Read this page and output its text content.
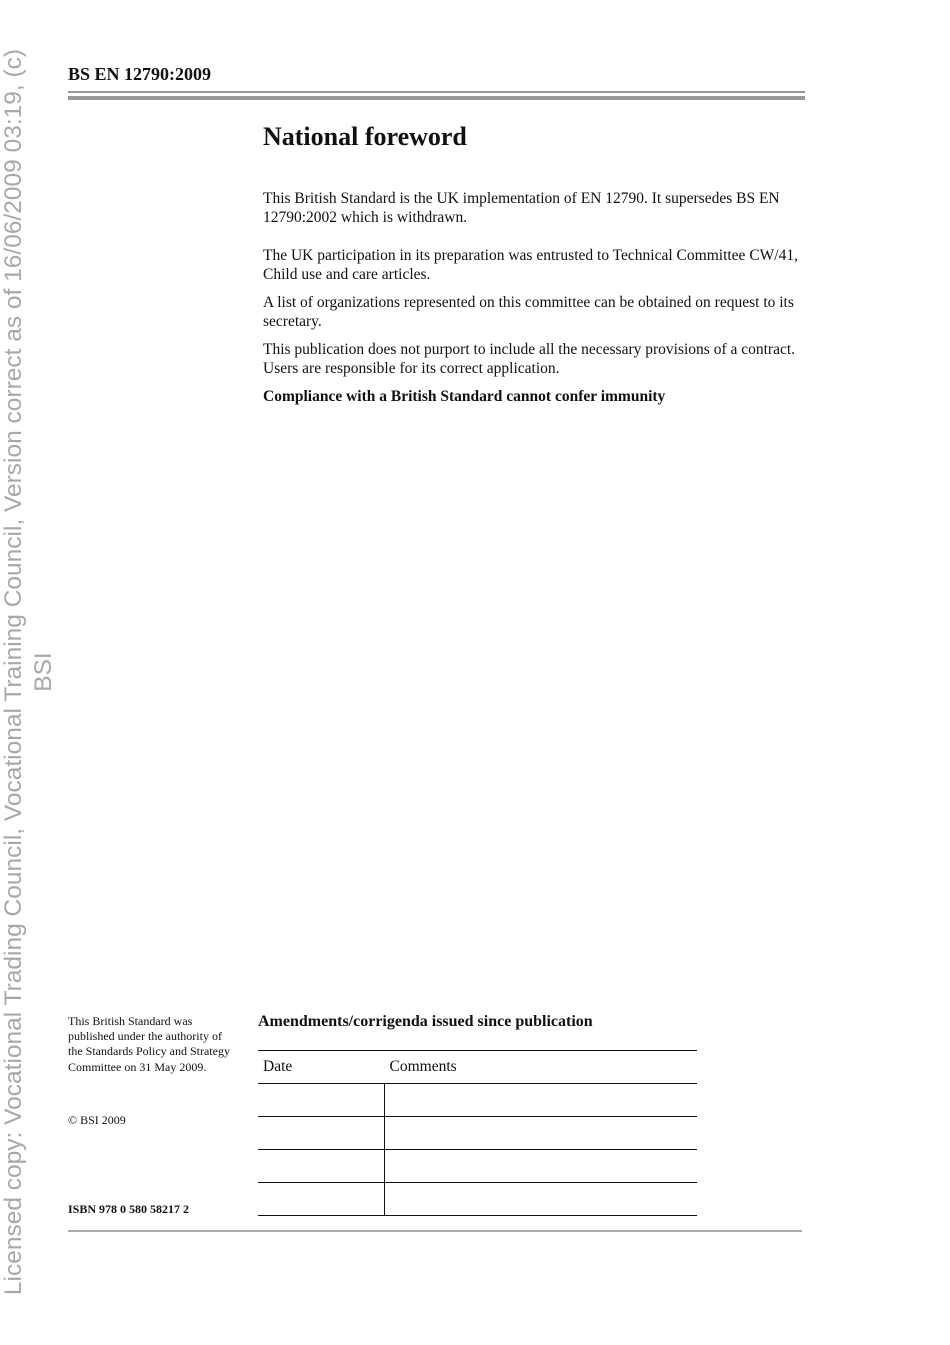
Licensed copy: Vocational Trading Council, Vocational Training Council, Version correct as of 16/06/2009 03:19, (c) BSI
BS EN 12790:2009
National foreword

This British Standard is the UK implementation of EN 12790. It supersedes BS EN 12790:2002 which is withdrawn.

The UK participation in its preparation was entrusted to Technical Committee CW/41, Child use and care articles.

A list of organizations represented on this committee can be obtained on request to its secretary.

This publication does not purport to include all the necessary provisions of a contract. Users are responsible for its correct application.

Compliance with a British Standard cannot confer immunity

This British Standard was published under the authority of the Standards Policy and Strategy Committee on 31 May 2009.
© BSI 2009
ISBN 978 0 580 58217 2
Amendments/corrigenda issued since publication
Date	Comments
